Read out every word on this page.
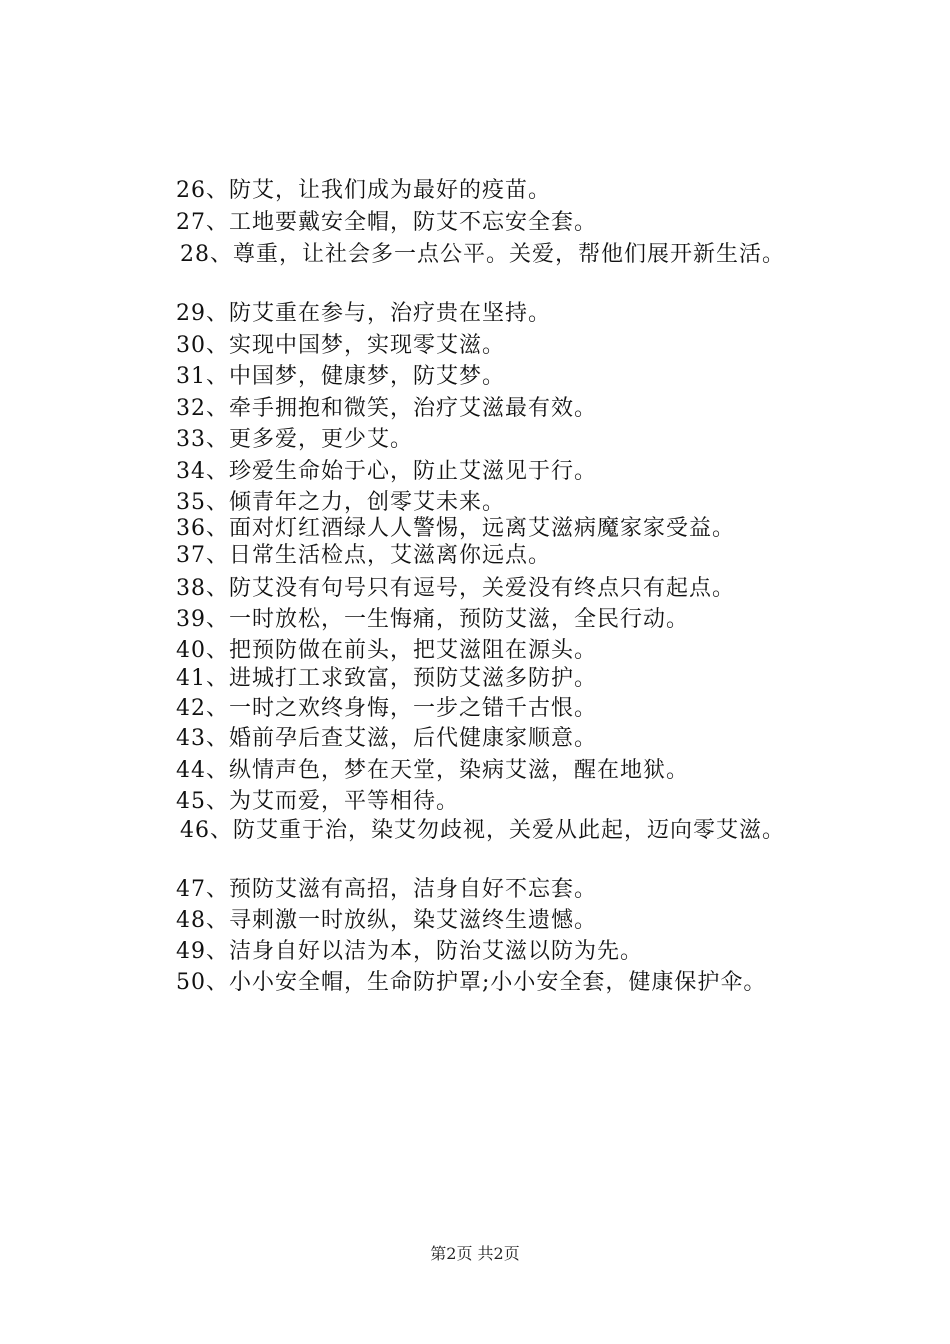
26、防艾，让我们成为最好的疫苗。
27、工地要戴安全帽，防艾不忘安全套。
28、尊重，让社会多一点公平。关爱，帮他们展开新生活。
29、防艾重在参与，治疗贵在坚持。
30、实现中国梦，实现零艾滋。
31、中国梦，健康梦，防艾梦。
32、牵手拥抱和微笑，治疗艾滋最有效。
33、更多爱，更少艾。
34、珍爱生命始于心，防止艾滋见于行。
35、倾青年之力，创零艾未来。
36、面对灯红酒绿人人警惕，远离艾滋病魔家家受益。
37、日常生活检点，艾滋离你远点。
38、防艾没有句号只有逗号，关爱没有终点只有起点。
39、一时放松，一生悔痛，预防艾滋，全民行动。
40、把预防做在前头，把艾滋阻在源头。
41、进城打工求致富，预防艾滋多防护。
42、一时之欢终身悔，一步之错千古恨。
43、婚前孕后查艾滋，后代健康家顺意。
44、纵情声色，梦在天堂，染病艾滋，醒在地狱。
45、为艾而爱，平等相待。
46、防艾重于治，染艾勿歧视，关爱从此起，迈向零艾滋。
47、预防艾滋有高招，洁身自好不忘套。
48、寻刺激一时放纵，染艾滋终生遗憾。
49、洁身自好以洁为本，防治艾滋以防为先。
50、小小安全帽，生命防护罩;小小安全套，健康保护伞。
第2页 共2页
